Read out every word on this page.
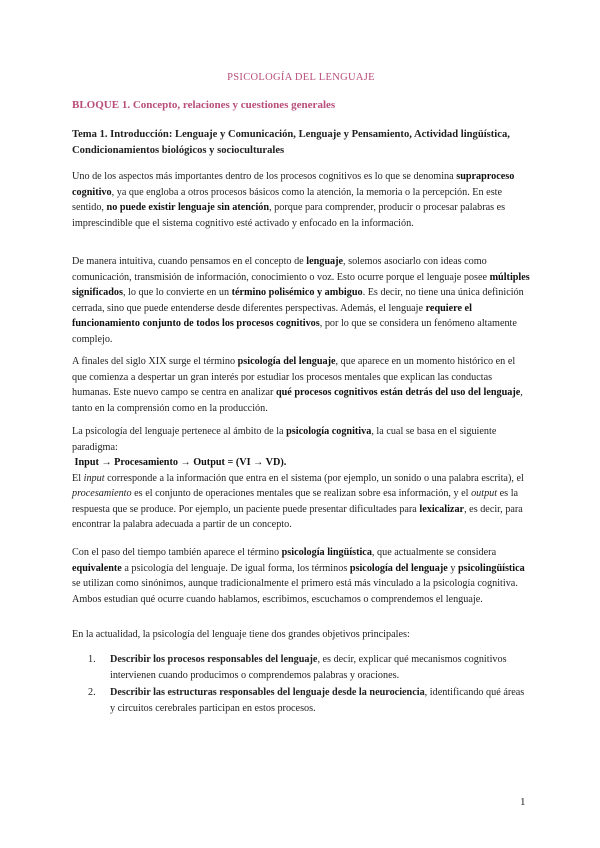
PSICOLOGÍA DEL LENGUAJE
BLOQUE 1. Concepto, relaciones y cuestiones generales
Tema 1. Introducción: Lenguaje y Comunicación, Lenguaje y Pensamiento, Actividad lingüística, Condicionamientos biológicos y socioculturales
Uno de los aspectos más importantes dentro de los procesos cognitivos es lo que se denomina supraproceso cognitivo, ya que engloba a otros procesos básicos como la atención, la memoria o la percepción. En este sentido, no puede existir lenguaje sin atención, porque para comprender, producir o procesar palabras es imprescindible que el sistema cognitivo esté activado y enfocado en la información.
De manera intuitiva, cuando pensamos en el concepto de lenguaje, solemos asociarlo con ideas como comunicación, transmisión de información, conocimiento o voz. Esto ocurre porque el lenguaje posee múltiples significados, lo que lo convierte en un término polisémico y ambiguo. Es decir, no tiene una única definición cerrada, sino que puede entenderse desde diferentes perspectivas. Además, el lenguaje requiere el funcionamiento conjunto de todos los procesos cognitivos, por lo que se considera un fenómeno altamente complejo.
A finales del siglo XIX surge el término psicología del lenguaje, que aparece en un momento histórico en el que comienza a despertar un gran interés por estudiar los procesos mentales que explican las conductas humanas. Este nuevo campo se centra en analizar qué procesos cognitivos están detrás del uso del lenguaje, tanto en la comprensión como en la producción.
La psicología del lenguaje pertenece al ámbito de la psicología cognitiva, la cual se basa en el siguiente paradigma:
Input → Procesamiento → Output = (VI → VD).
El input corresponde a la información que entra en el sistema (por ejemplo, un sonido o una palabra escrita), el procesamiento es el conjunto de operaciones mentales que se realizan sobre esa información, y el output es la respuesta que se produce. Por ejemplo, un paciente puede presentar dificultades para lexicalizar, es decir, para encontrar la palabra adecuada a partir de un concepto.
Con el paso del tiempo también aparece el término psicología lingüística, que actualmente se considera equivalente a psicología del lenguaje. De igual forma, los términos psicología del lenguaje y psicolingüística se utilizan como sinónimos, aunque tradicionalmente el primero está más vinculado a la psicología cognitiva. Ambos estudian qué ocurre cuando hablamos, escribimos, escuchamos o comprendemos el lenguaje.
En la actualidad, la psicología del lenguaje tiene dos grandes objetivos principales:
1. Describir los procesos responsables del lenguaje, es decir, explicar qué mecanismos cognitivos intervienen cuando producimos o comprendemos palabras y oraciones.
2. Describir las estructuras responsables del lenguaje desde la neurociencia, identificando qué áreas y circuitos cerebrales participan en estos procesos.
1
